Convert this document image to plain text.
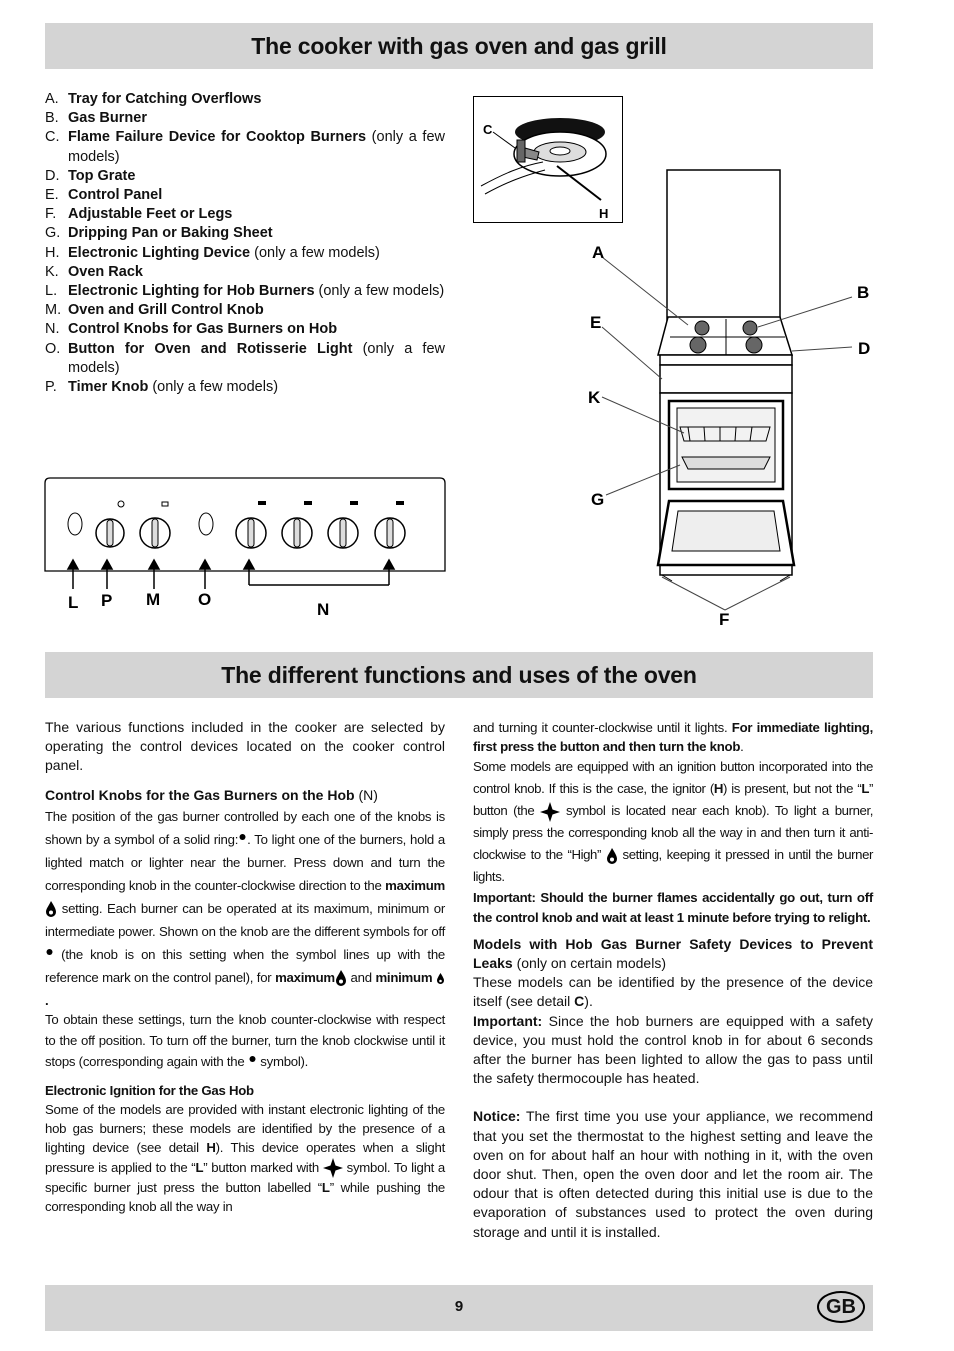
The cooker with gas oven and gas grill
A. Tray for Catching Overflows
B. Gas Burner
C. Flame Failure Device for Cooktop Burners (only a few models)
D. Top Grate
E. Control Panel
F. Adjustable Feet or Legs
G. Dripping Pan or Baking Sheet
H. Electronic Lighting Device (only a few models)
K. Oven Rack
L. Electronic Lighting for Hob Burners (only a few models)
M. Oven and Grill Control Knob
N. Control Knobs for Gas Burners on Hob
O. Button for Oven and Rotisserie Light (only a few models)
P. Timer Knob (only a few models)
C
H
A
B
E
D
K
G
F
L P M O
N
The different functions and uses of the oven

The various functions included in the cooker are selected by operating the control devices located on the cooker control panel.

Control Knobs for the Gas Burners on the Hob (N)

The position of the gas burner controlled by each one of the knobs is shown by a symbol of a solid ring: . To light one of the burners, hold a lighted match or lighter near the burner. Press down and turn the corresponding knob in the counter-clockwise direction to the maximum setting. Each burner can be operated at its maximum, minimum or intermediate power. Shown on the knob are the different symbols for off  (the knob is on this setting when the symbol lines up with the reference mark on the control panel), for maximum and minimum .

To obtain these settings, turn the knob counter-clockwise with respect to the off position. To turn off the burner, turn the knob clockwise until it stops (corresponding again with the  symbol).

Electronic Ignition for the Gas Hob

Some of the models are provided with instant electronic lighting of the hob gas burners; these models are identified by the presence of a lighting device (see detail H). This device operates when a slight pressure is applied to the “L” button marked with  symbol. To light a specific burner just press the button labelled “L” while pushing the corresponding knob all the way in

and turning it counter-clockwise until it lights. For immediate lighting, first press the button and then turn the knob.

Some models are equipped with an ignition button incorporated into the control knob. If this is the case, the ignitor (H) is present, but not the “L” button (the  symbol is located near each knob). To light a burner, simply press the corresponding knob all the way in and then turn it anti-clockwise to the “High”  setting, keeping it pressed in until the burner lights.

Important: Should the burner flames accidentally go out, turn off the control knob and wait at least 1 minute before trying to relight.

Models with Hob Gas Burner Safety Devices to Prevent Leaks (only on certain models)

These models can be identified by the presence of the device itself (see detail C).

Important: Since the hob burners are equipped with a safety device, you must hold the control knob in for about 6 seconds after the burner has been lighted to allow the gas to pass until the safety thermocouple has heated.

Notice: The first time you use your appliance, we recommend that you set the thermostat to the highest setting and leave the oven on for about half an hour with nothing in it, with the oven door shut. Then, open the oven door and let the room air. The odour that is often detected during this initial use is due to the evaporation of substances used to protect the oven during storage and until it is installed.

9	GB
